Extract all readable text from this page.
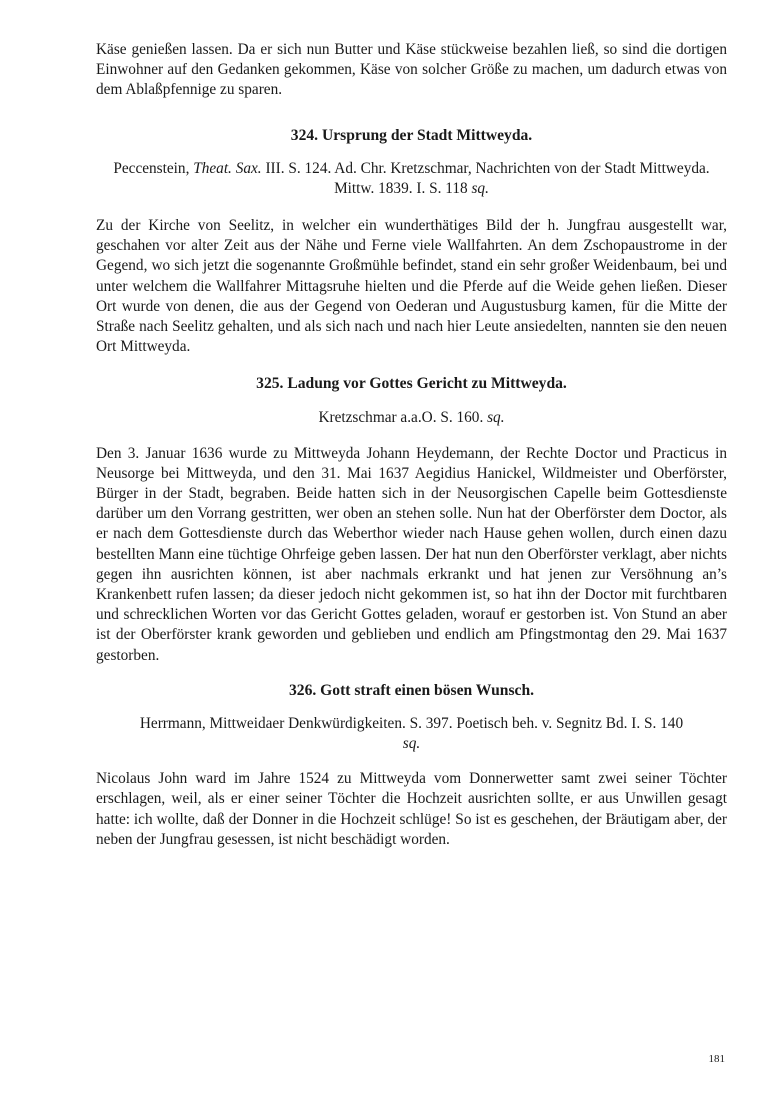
Käse genießen lassen. Da er sich nun Butter und Käse stückweise bezahlen ließ, so sind die dortigen Einwohner auf den Gedanken gekommen, Käse von solcher Größe zu machen, um dadurch etwas von dem Ablaßpfennige zu sparen.

324. Ursprung der Stadt Mittweyda.

Peccenstein, Theat. Sax. III. S. 124. Ad. Chr. Kretzschmar, Nachrichten von der Stadt Mittweyda. Mittw. 1839. I. S. 118 sq.

Zu der Kirche von Seelitz, in welcher ein wunderthätiges Bild der h. Jungfrau ausgestellt war, geschahen vor alter Zeit aus der Nähe und Ferne viele Wallfahrten. An dem Zschopaustrome in der Gegend, wo sich jetzt die sogenannte Großmühle befindet, stand ein sehr großer Weidenbaum, bei und unter welchem die Wallfahrer Mittagsruhe hielten und die Pferde auf die Weide gehen ließen. Dieser Ort wurde von denen, die aus der Gegend von Oederan und Augustusburg kamen, für die Mitte der Straße nach Seelitz gehalten, und als sich nach und nach hier Leute ansiedelten, nannten sie den neuen Ort Mittweyda.

325. Ladung vor Gottes Gericht zu Mittweyda.

Kretzschmar a.a.O. S. 160. sq.

Den 3. Januar 1636 wurde zu Mittweyda Johann Heydemann, der Rechte Doctor und Practicus in Neusorge bei Mittweyda, und den 31. Mai 1637 Aegidius Hanickel, Wildmeister und Oberförster, Bürger in der Stadt, begraben. Beide hatten sich in der Neusorgischen Capelle beim Gottesdienste darüber um den Vorrang gestritten, wer oben an stehen solle. Nun hat der Oberförster dem Doctor, als er nach dem Gottesdienste durch das Weberthor wieder nach Hause gehen wollen, durch einen dazu bestellten Mann eine tüchtige Ohrfeige geben lassen. Der hat nun den Oberförster verklagt, aber nichts gegen ihn ausrichten können, ist aber nachmals erkrankt und hat jenen zur Versöhnung an’s Krankenbett rufen lassen; da dieser jedoch nicht gekommen ist, so hat ihn der Doctor mit furchtbaren und schrecklichen Worten vor das Gericht Gottes geladen, worauf er gestorben ist. Von Stund an aber ist der Oberförster krank geworden und geblieben und endlich am Pfingstmontag den 29. Mai 1637 gestorben.

326. Gott straft einen bösen Wunsch.

Herrmann, Mittweidaer Denkwürdigkeiten. S. 397. Poetisch beh. v. Segnitz Bd. I. S. 140
sq.

Nicolaus John ward im Jahre 1524 zu Mittweyda vom Donnerwetter samt zwei seiner Töchter erschlagen, weil, als er einer seiner Töchter die Hochzeit ausrichten sollte, er aus Unwillen gesagt hatte: ich wollte, daß der Donner in die Hochzeit schlüge! So ist es geschehen, der Bräutigam aber, der neben der Jungfrau gesessen, ist nicht beschädigt worden.

181
